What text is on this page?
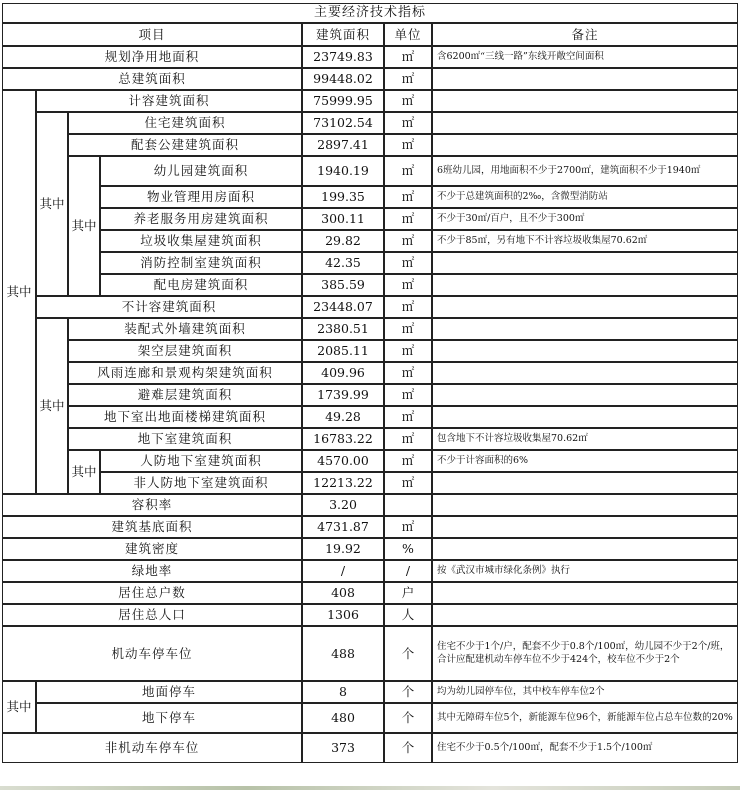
主要经济技术指标
项目	建筑面积 单位	备注
其中
其中
其中
其中
其中
其中
规划净用地面积	23749.83 ㎡ 含6200㎡“三线一路”东线开敞空间面积
总建筑面积	99448.02 ㎡
计容建筑面积	75999.95 ㎡
住宅建筑面积	73102.54 ㎡
配套公建建筑面积	2897.41	㎡
幼儿园建筑面积	1940.19	㎡ 6班幼儿园，用地面积不少于2700㎡，建筑面积不少于1940㎡
物业管理用房面积	199.35	㎡ 不少于总建筑面积的2‰，含微型消防站
养老服务用房建筑面积	300.11	㎡ 不少于30㎡/百户，且不少于300㎡
垃圾收集屋建筑面积	29.82	㎡ 不少于85㎡，另有地下不计容垃圾收集屋70.62㎡
消防控制室建筑面积	42.35	㎡
配电房建筑面积	385.59	㎡
不计容建筑面积	23448.07 ㎡
装配式外墙建筑面积	2380.51	㎡
架空层建筑面积	2085.11	㎡
风雨连廊和景观构架建筑面积	409.96	㎡
避难层建筑面积	1739.99	㎡
地下室出地面楼梯建筑面积	49.28	㎡
地下室建筑面积	16783.22 ㎡ 包含地下不计容垃圾收集屋70.62㎡
人防地下室建筑面积	4570.00	㎡ 不少于计容面积的6%
非人防地下室建筑面积	12213.22 ㎡
容积率	3.20
建筑基底面积	4731.87	㎡
建筑密度	19.92	%
绿地率	/	/	按《武汉市城市绿化条例》执行
居住总户数	408	户
居住总人口	1306	人
机动车停车位	488	个 住宅不少于1个/户，配套不少于0.8个/100㎡，幼儿园不少于2个/班，合计应配建机动车停车位不少于424个，校车位不少于2个
地面停车	8	个 均为幼儿园停车位，其中校车停车位2个
地下停车	480	个 其中无障碍车位5个，新能源车位96个，新能源车位占总车位数的20%
非机动车停车位	373	个 住宅不少于0.5个/100㎡，配套不少于1.5个/100㎡
